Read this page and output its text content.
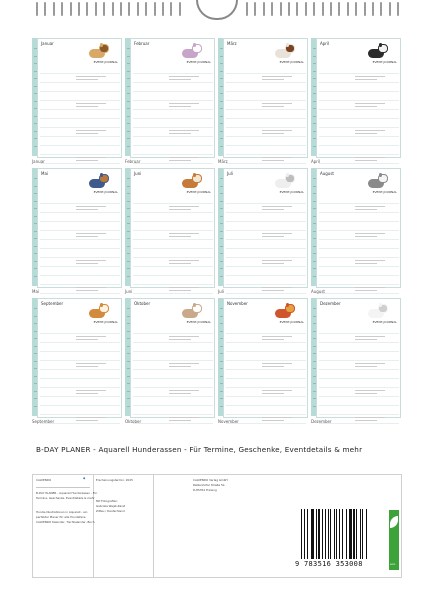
Januar
EVENT-JOURNAL
Januar
Februar
EVENT-JOURNAL
Februar
März
EVENT-JOURNAL
März
April
EVENT-JOURNAL
April
Mai
EVENT-JOURNAL
Mai
Juni
EVENT-JOURNAL
Juni
Juli
EVENT-JOURNAL
Juli
August
EVENT-JOURNAL
August
September
EVENT-JOURNAL
September
Oktober
EVENT-JOURNAL
Oktober
November
EVENT-JOURNAL
November
Dezember
EVENT-JOURNAL
Dezember
B-DAY PLANER - Aquarell Hunderassen - Für Termine, Geschenke, Eventdetails & mehr
CALVENDO	◆
B-DAY PLANER - Aquarell Hunderassen - Für
Termine, Geschenke, Eventdetails & mehr
Hunde-Illustrationen in Aquarell - ein
perfekter Planer für alle Hundefans.
CALVENDO Kalender, Tischkalender, Buch
Erscheinungstermin: 2025
Mit Fotografien:
Gabriela Wejat-Zaret
Zittau / Deutschland
CALVENDO Verlag GmbH
Ratzenhofer Straße 5a
D-85354 Freising
9 783516 353008	eco
